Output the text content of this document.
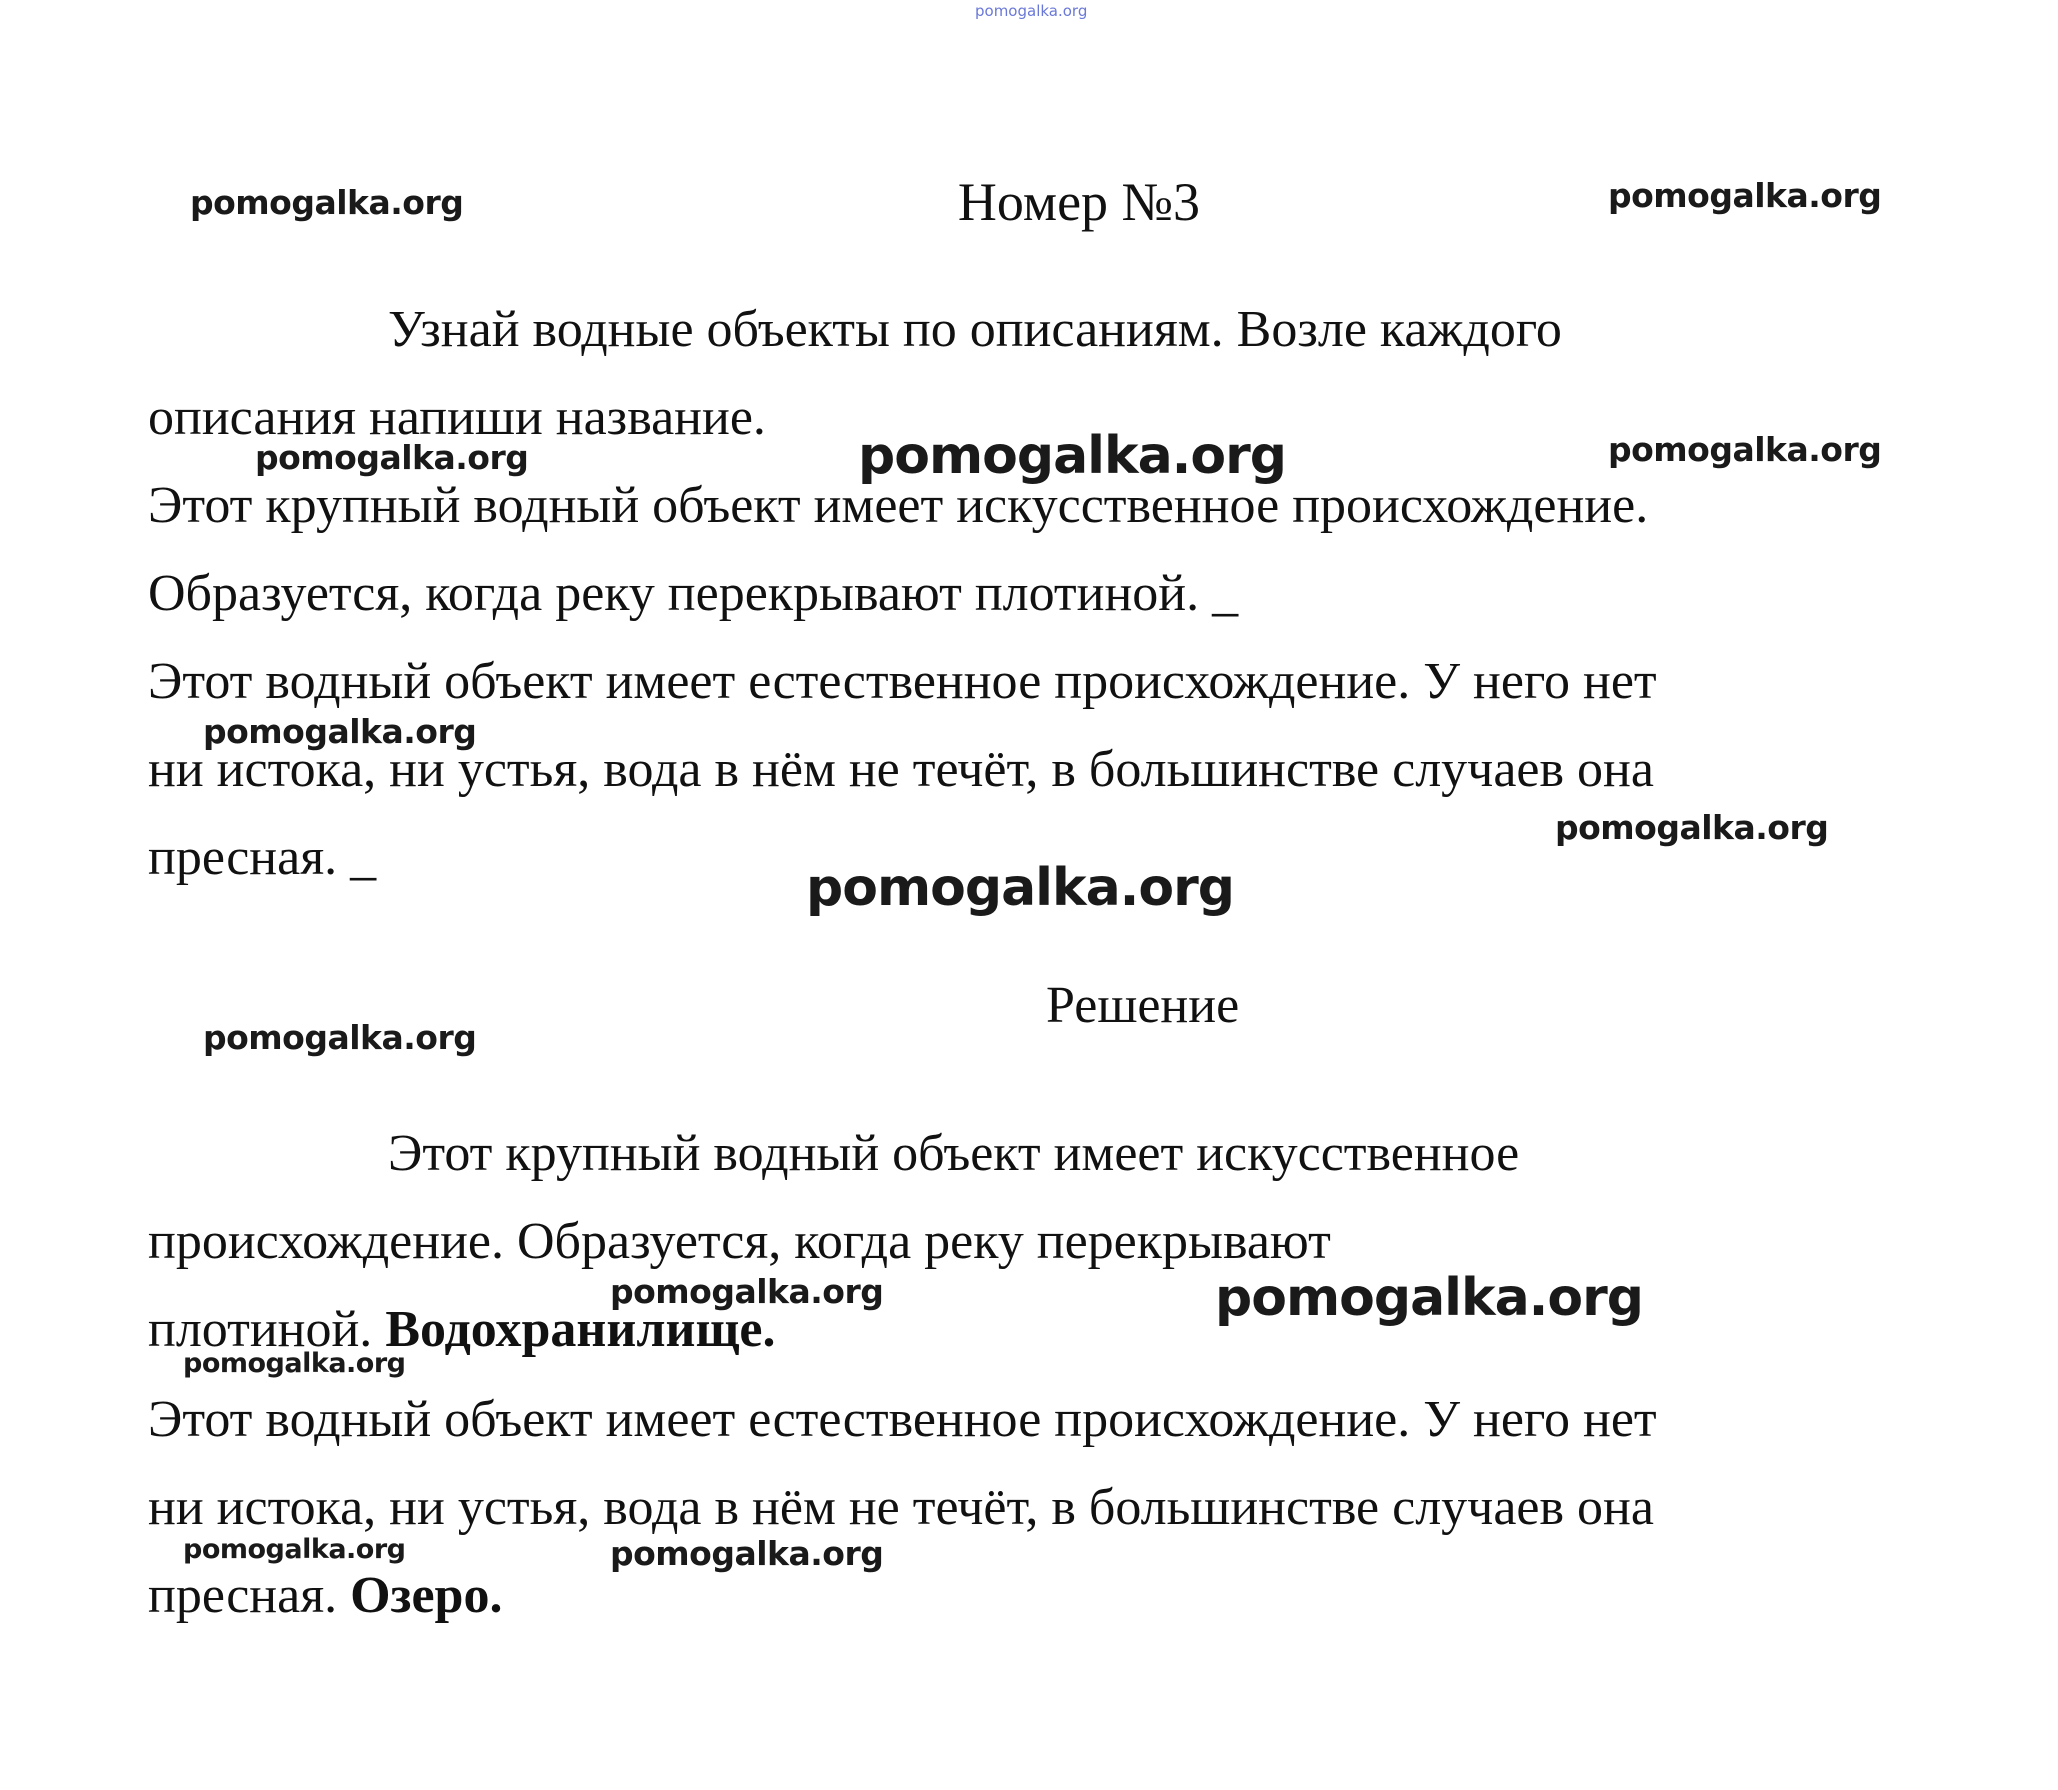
pomogalka.org
pomogalka.org	Номер №3	pomogalka.org
Узнай водные объекты по описаниям. Возле каждого
описания напиши название.
pomogalka.org	pomogalka.org	pomogalka.org
Этот крупный водный объект имеет искусственное происхождение.
Образуется, когда реку перекрывают плотиной. _
Этот водный объект имеет естественное происхождение. У него нет
pomogalka.org
ни истока, ни устья, вода в нём не течёт, в большинстве случаев она
pomogalka.org
пресная. _
pomogalka.org
Решение
pomogalka.org
Этот крупный водный объект имеет искусственное
происхождение. Образуется, когда реку перекрывают
pomogalka.org	pomogalka.org
плотиной. Водохранилище.
pomogalka.org
Этот водный объект имеет естественное происхождение. У него нет
ни истока, ни устья, вода в нём не течёт, в большинстве случаев она
pomogalka.org	pomogalka.org
пресная. Озеро.
